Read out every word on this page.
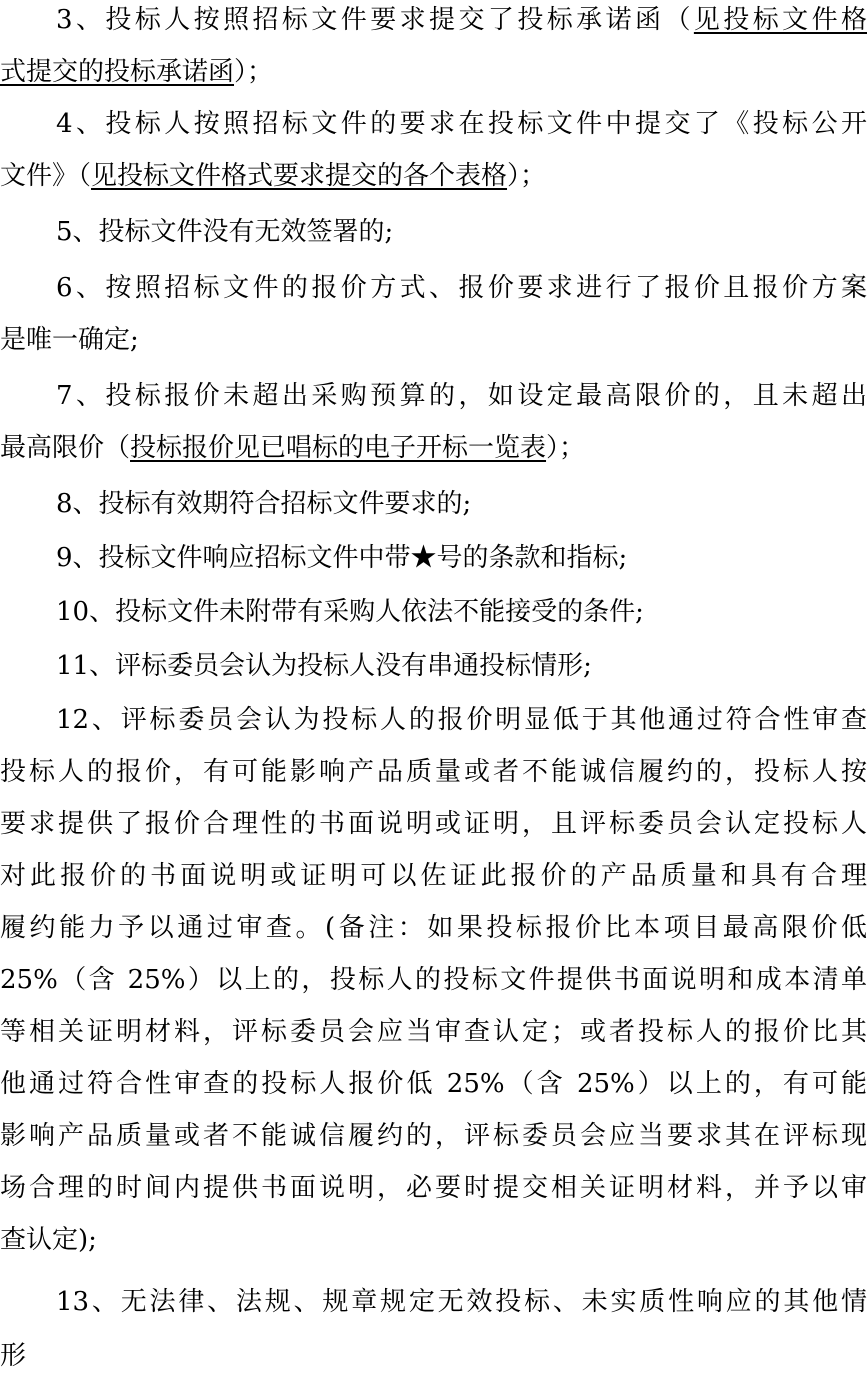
3、投标人按照招标文件要求提交了投标承诺函（见投标文件格
式提交的投标承诺函）；
4、投标人按照招标文件的要求在投标文件中提交了《投标公开
文件》（见投标文件格式要求提交的各个表格）；
5、投标文件没有无效签署的;
6、按照招标文件的报价方式、报价要求进行了报价且报价方案
是唯一确定;
7、投标报价未超出采购预算的，如设定最高限价的，且未超出
最高限价（投标报价见已唱标的电子开标一览表）；
8、投标有效期符合招标文件要求的;
9、投标文件响应招标文件中带★号的条款和指标;
10、投标文件未附带有采购人依法不能接受的条件;
11、评标委员会认为投标人没有串通投标情形;
12、评标委员会认为投标人的报价明显低于其他通过符合性审查
投标人的报价，有可能影响产品质量或者不能诚信履约的，投标人按
要求提供了报价合理性的书面说明或证明，且评标委员会认定投标人
对此报价的书面说明或证明可以佐证此报价的产品质量和具有合理
履约能力予以通过审查。(备注：如果投标报价比本项目最高限价低
25%（含 25%）以上的，投标人的投标文件提供书面说明和成本清单
等相关证明材料，评标委员会应当审查认定；或者投标人的报价比其
他通过符合性审查的投标人报价低 25%（含 25%）以上的，有可能
影响产品质量或者不能诚信履约的，评标委员会应当要求其在评标现
场合理的时间内提供书面说明，必要时提交相关证明材料，并予以审
查认定);
13、无法律、法规、规章规定无效投标、未实质性响应的其他情
形
